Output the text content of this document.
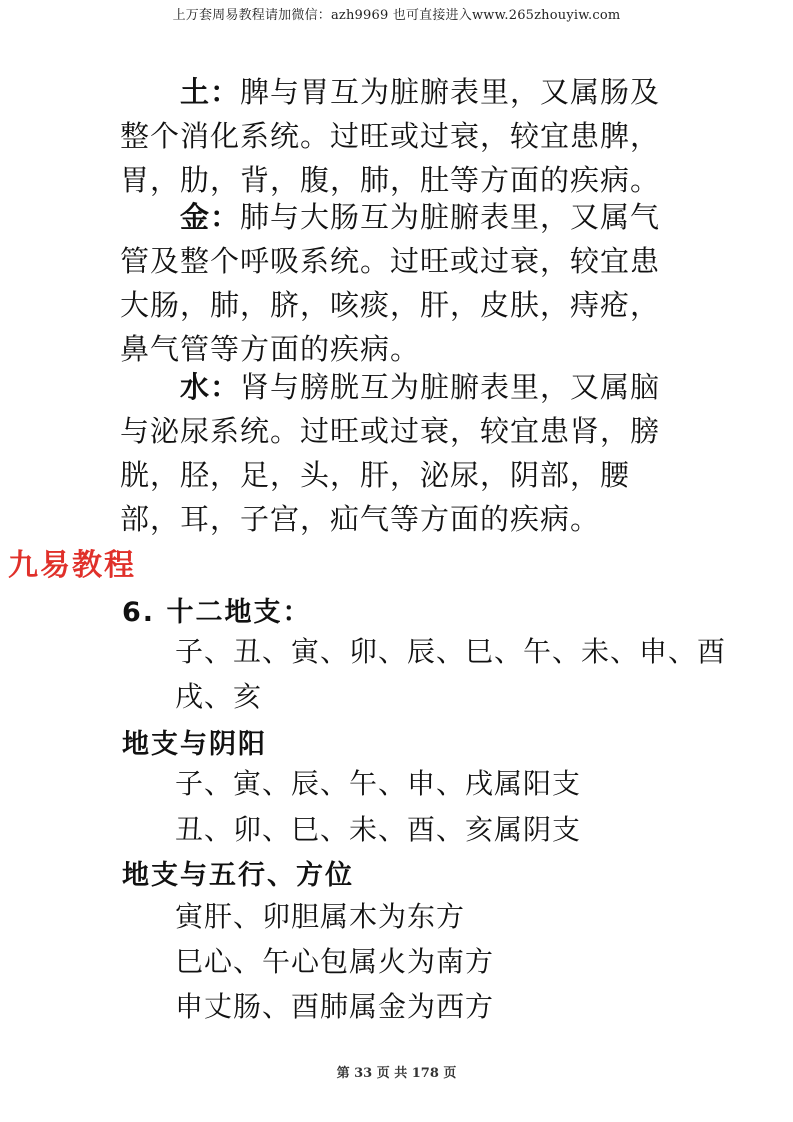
上万套周易教程请加微信：azh9969 也可直接进入www.265zhouyiw.com
土：脾与胃互为脏腑表里，又属肠及整个消化系统。过旺或过衰，较宜患脾，胃，肋，背，腹，肺，肚等方面的疾病。
金：肺与大肠互为脏腑表里，又属气管及整个呼吸系统。过旺或过衰，较宜患大肠，肺，脐，咳痰，肝，皮肤，痔疮，鼻气管等方面的疾病。
水：肾与膀胱互为脏腑表里，又属脑与泌尿系统。过旺或过衰，较宜患肾，膀胱，胫，足，头，肝，泌尿，阴部，腰部，耳，子宫，疝气等方面的疾病。
九易教程
6. 十二地支：
子、丑、寅、卯、辰、巳、午、未、申、酉
戌、亥
地支与阴阳
子、寅、辰、午、申、戌属阳支
丑、卯、巳、未、酉、亥属阴支
地支与五行、方位
寅肝、卯胆属木为东方
巳心、午心包属火为南方
申丈肠、酉肺属金为西方
第 33 页 共 178 页
